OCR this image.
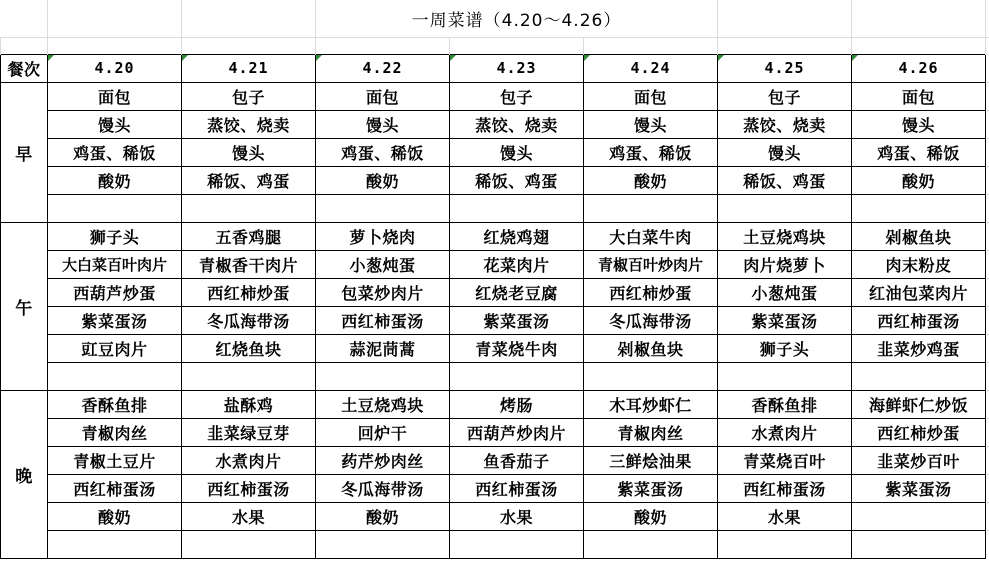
			一周菜谱（4.20～4.26）					

餐次	4.20	4.21	4.22	4.23	4.24	4.25	4.26	
早	面包	包子	面包	包子	面包	包子	面包	
	馒头	蒸饺、烧卖	馒头	蒸饺、烧卖	馒头	蒸饺、烧卖	馒头	
	鸡蛋、稀饭	馒头	鸡蛋、稀饭	馒头	鸡蛋、稀饭	馒头	鸡蛋、稀饭	
	酸奶	稀饭、鸡蛋	酸奶	稀饭、鸡蛋	酸奶	稀饭、鸡蛋	酸奶	

午	狮子头	五香鸡腿	萝卜烧肉	红烧鸡翅	大白菜牛肉	土豆烧鸡块	剁椒鱼块	
	大白菜百叶肉片	青椒香干肉片	小葱炖蛋	花菜肉片	青椒百叶炒肉片	肉片烧萝卜	肉末粉皮	
	西葫芦炒蛋	西红柿炒蛋	包菜炒肉片	红烧老豆腐	西红柿炒蛋	小葱炖蛋	红油包菜肉片	
	紫菜蛋汤	冬瓜海带汤	西红柿蛋汤	紫菜蛋汤	冬瓜海带汤	紫菜蛋汤	西红柿蛋汤	
	豇豆肉片	红烧鱼块	蒜泥茼蒿	青菜烧牛肉	剁椒鱼块	狮子头	韭菜炒鸡蛋	

晚	香酥鱼排	盐酥鸡	土豆烧鸡块	烤肠	木耳炒虾仁	香酥鱼排	海鲜虾仁炒饭	
	青椒肉丝	韭菜绿豆芽	回炉干	西葫芦炒肉片	青椒肉丝	水煮肉片	西红柿炒蛋	
	青椒土豆片	水煮肉片	药芹炒肉丝	鱼香茄子	三鲜烩油果	青菜烧百叶	韭菜炒百叶	
	西红柿蛋汤	西红柿蛋汤	冬瓜海带汤	西红柿蛋汤	紫菜蛋汤	西红柿蛋汤	紫菜蛋汤	
	酸奶	水果	酸奶	水果	酸奶	水果		
